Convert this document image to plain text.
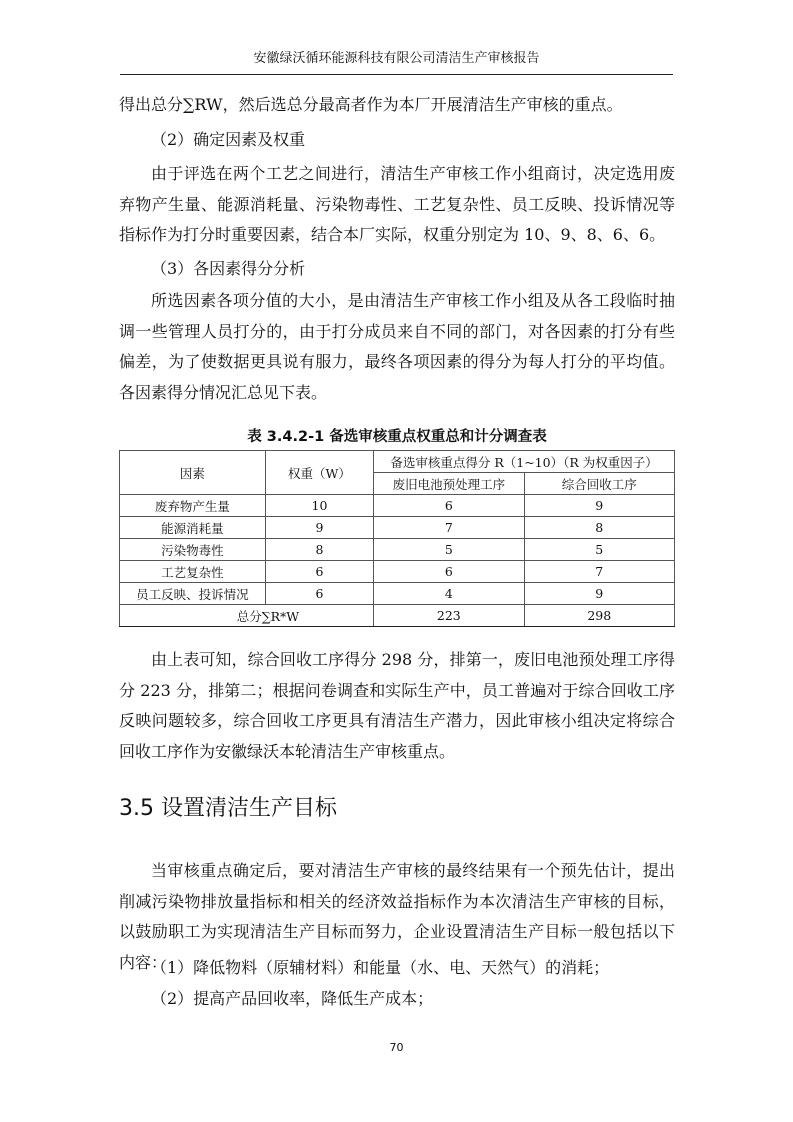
安徽绿沃循环能源科技有限公司清洁生产审核报告

得出总分∑RW，然后选总分最高者作为本厂开展清洁生产审核的重点。

（2）确定因素及权重

由于评选在两个工艺之间进行，清洁生产审核工作小组商讨，决定选用废弃物产生量、能源消耗量、污染物毒性、工艺复杂性、员工反映、投诉情况等指标作为打分时重要因素，结合本厂实际，权重分别定为 10、9、8、6、6。

（3）各因素得分分析

所选因素各项分值的大小，是由清洁生产审核工作小组及从各工段临时抽调一些管理人员打分的，由于打分成员来自不同的部门，对各因素的打分有些偏差，为了使数据更具说有服力，最终各项因素的得分为每人打分的平均值。各因素得分情况汇总见下表。

表 3.4.2-1 备选审核重点权重总和计分调查表
因素	权重（W）	备选审核重点得分 R（1~10）（R 为权重因子）	
		废旧电池预处理工序	综合回收工序
废弃物产生量	10	6	9
能源消耗量	9	7	8
污染物毒性	8	5	5
工艺复杂性	6	6	7
员工反映、投诉情况	6	4	9
总分∑R*W		223	298

由上表可知，综合回收工序得分 298 分，排第一，废旧电池预处理工序得分 223 分，排第二；根据问卷调查和实际生产中，员工普遍对于综合回收工序反映问题较多，综合回收工序更具有清洁生产潜力，因此审核小组决定将综合回收工序作为安徽绿沃本轮清洁生产审核重点。

3.5 设置清洁生产目标

当审核重点确定后，要对清洁生产审核的最终结果有一个预先估计，提出削减污染物排放量指标和相关的经济效益指标作为本次清洁生产审核的目标，以鼓励职工为实现清洁生产目标而努力，企业设置清洁生产目标一般包括以下内容：

（1）降低物料（原辅材料）和能量（水、电、天然气）的消耗；

（2）提高产品回收率，降低生产成本；

70
